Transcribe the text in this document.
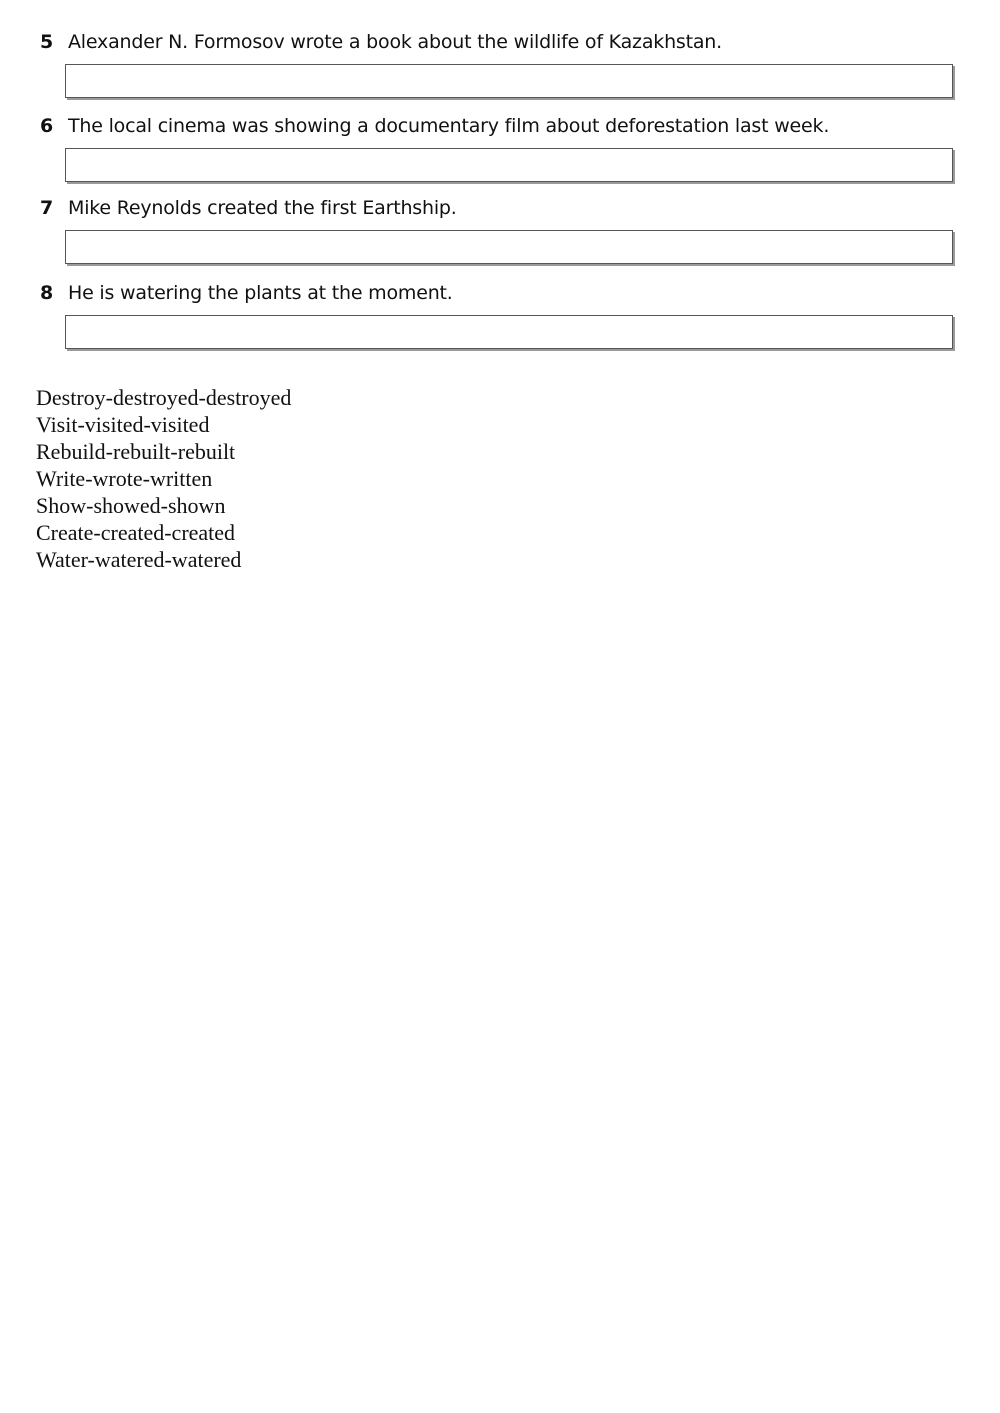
5 Alexander N. Formosov wrote a book about the wildlife of Kazakhstan.
6 The local cinema was showing a documentary film about deforestation last week.
7 Mike Reynolds created the first Earthship.
8 He is watering the plants at the moment.
Destroy-destroyed-destroyed
Visit-visited-visited
Rebuild-rebuilt-rebuilt
Write-wrote-written
Show-showed-shown
Create-created-created
Water-watered-watered
